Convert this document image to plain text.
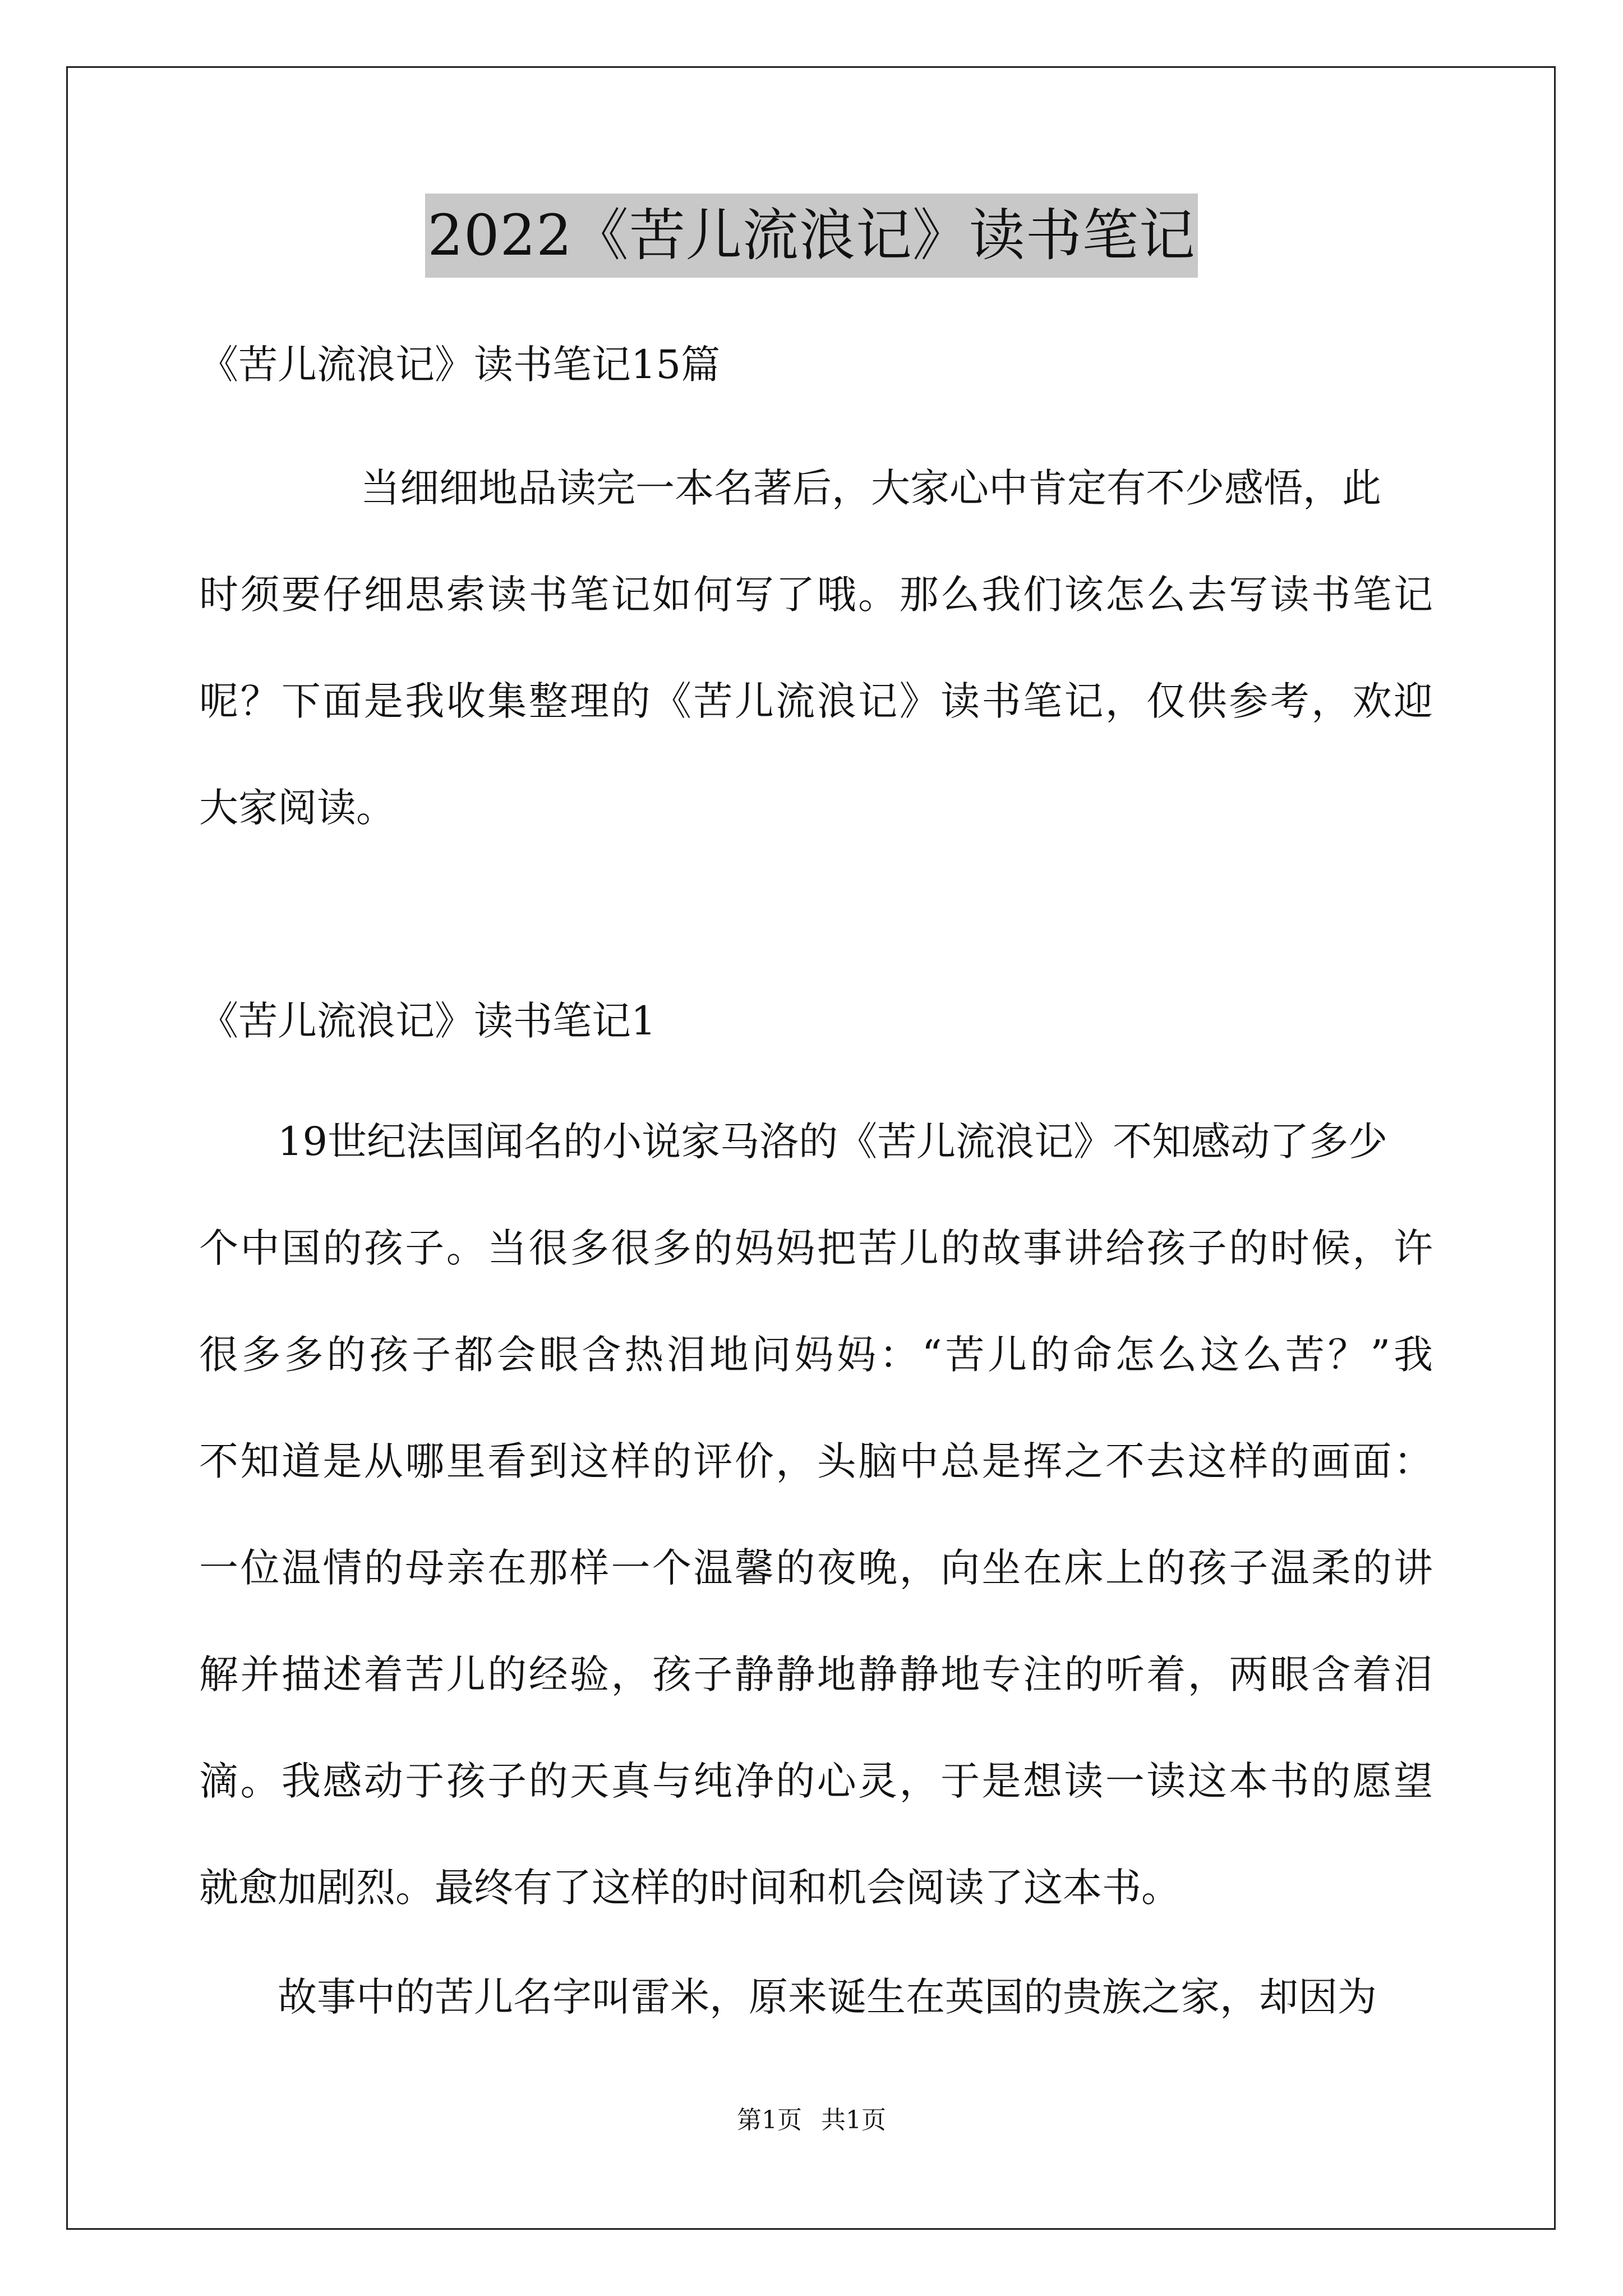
2022《苦儿流浪记》读书笔记
《苦儿流浪记》读书笔记15篇
当细细地品读完一本名著后，大家心中肯定有不少感悟，此
时须要仔细思索读书笔记如何写了哦。那么我们该怎么去写读书笔记
呢？下面是我收集整理的《苦儿流浪记》读书笔记，仅供参考，欢迎
大家阅读。
《苦儿流浪记》读书笔记1
19世纪法国闻名的小说家马洛的《苦儿流浪记》不知感动了多少
个中国的孩子。当很多很多的妈妈把苦儿的故事讲给孩子的时候，许
很多多的孩子都会眼含热泪地问妈妈：“苦儿的命怎么这么苦？”我
不知道是从哪里看到这样的评价，头脑中总是挥之不去这样的画面：
一位温情的母亲在那样一个温馨的夜晚，向坐在床上的孩子温柔的讲
解并描述着苦儿的经验，孩子静静地静静地专注的听着，两眼含着泪
滴。我感动于孩子的天真与纯净的心灵，于是想读一读这本书的愿望
就愈加剧烈。最终有了这样的时间和机会阅读了这本书。
故事中的苦儿名字叫雷米，原来诞生在英国的贵族之家，却因为
第1页 共1页
